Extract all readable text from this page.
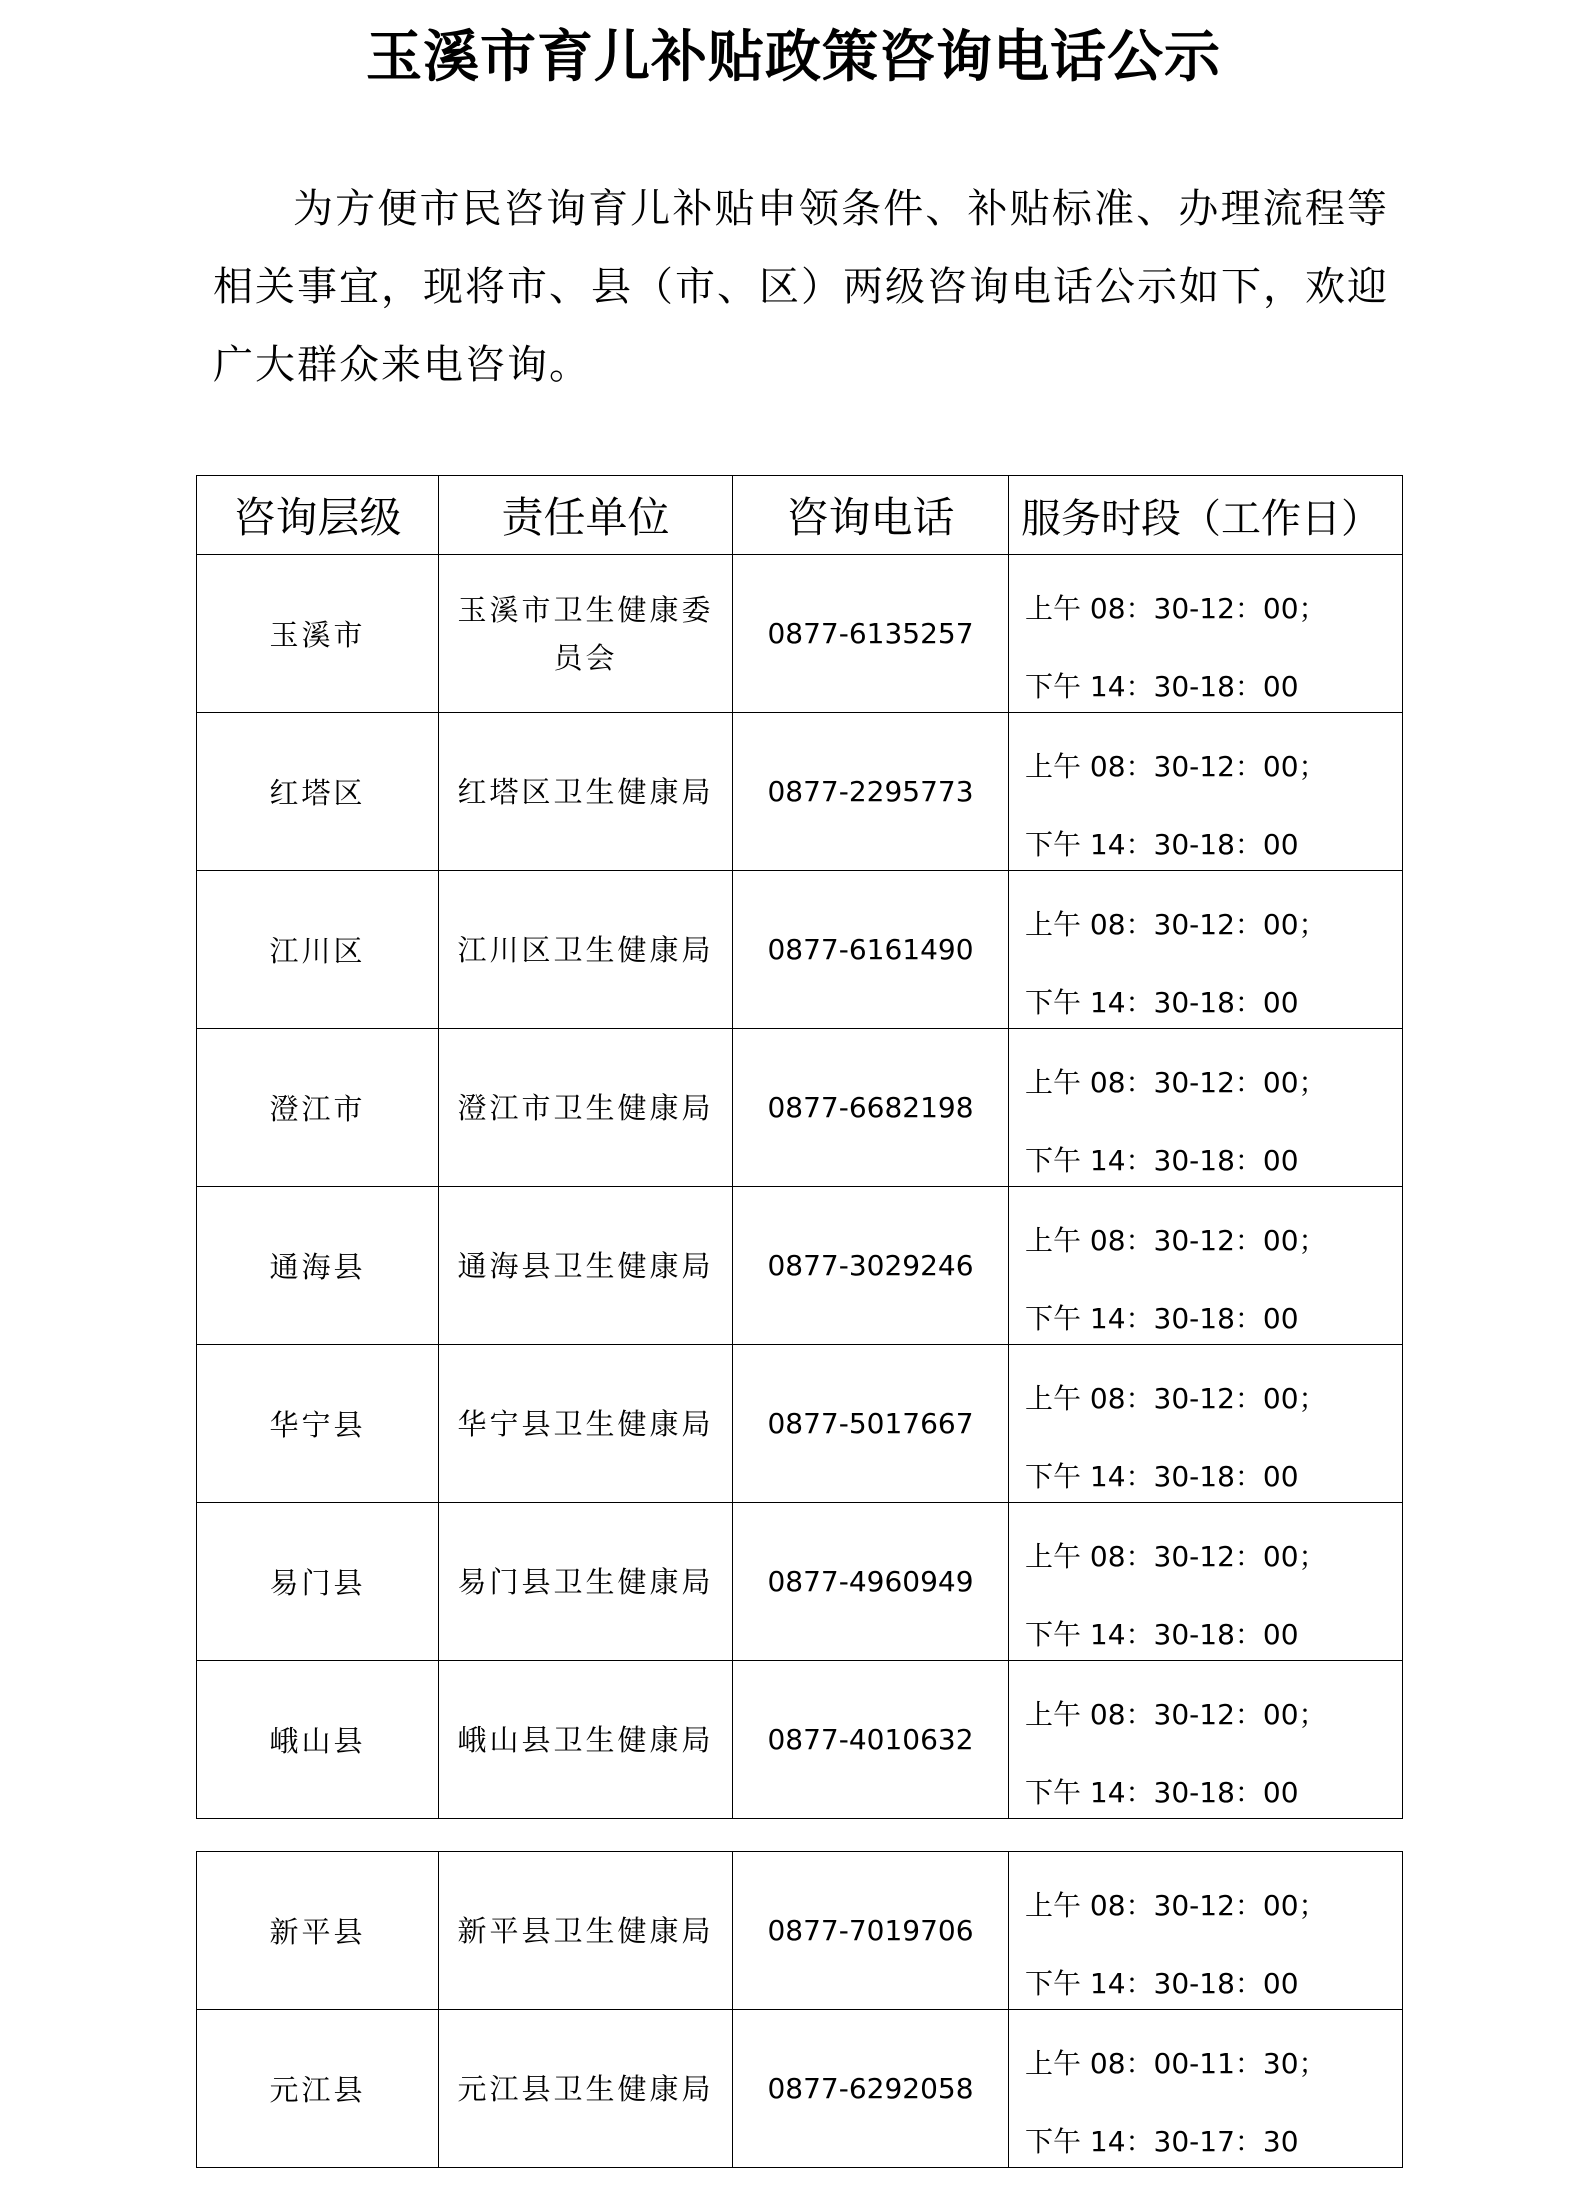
玉溪市育儿补贴政策咨询电话公示

为方便市民咨询育儿补贴申领条件、补贴标准、办理流程等相关事宜，现将市、县（市、区）两级咨询电话公示如下，欢迎广大群众来电咨询。

咨询层级	责任单位	咨询电话	服务时段（工作日）
玉溪市	玉溪市卫生健康委员会	0877-6135257	上午 08：30-12：00；
下午 14：30-18：00

红塔区	红塔区卫生健康局	0877-2295773	上午 08：30-12：00；
下午 14：30-18：00

江川区	江川区卫生健康局	0877-6161490	上午 08：30-12：00；
下午 14：30-18：00

澄江市	澄江市卫生健康局	0877-6682198	上午 08：30-12：00；
下午 14：30-18：00

通海县	通海县卫生健康局	0877-3029246	上午 08：30-12：00；
下午 14：30-18：00

华宁县	华宁县卫生健康局	0877-5017667	上午 08：30-12：00；
下午 14：30-18：00

易门县	易门县卫生健康局	0877-4960949	上午 08：30-12：00；
下午 14：30-18：00

峨山县	峨山县卫生健康局	0877-4010632	上午 08：30-12：00；
下午 14：30-18：00
新平县	新平县卫生健康局	0877-7019706	上午 08：30-12：00；
下午 14：30-18：00

元江县	元江县卫生健康局	0877-6292058	上午 08：00-11：30；
下午 14：30-17：30
